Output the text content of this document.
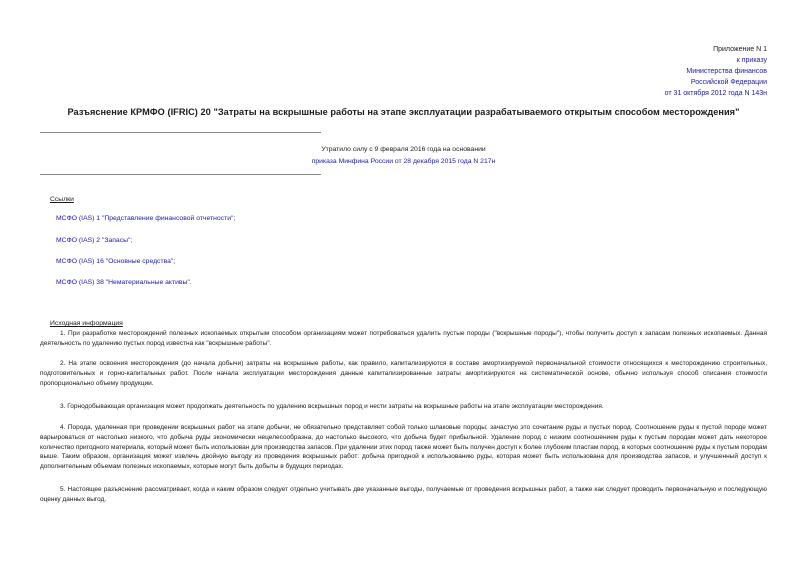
Приложение N 1
к приказу
Министерства финансов
Российской Федерации
от 31 октября 2012 года N 143н
Разъяснение КРМФО (IFRIC) 20 "Затраты на вскрышные работы на этапе эксплуатации разрабатываемого открытым способом месторождения"
Утратило силу с 9 февраля 2016 года на основании
приказа Минфина России от 28 декабря 2015 года N 217н
Ссылки
МСФО (IAS) 1 "Представление финансовой отчетности";
МСФО (IAS) 2 "Запасы";
МСФО (IAS) 16 "Основные средства";
МСФО (IAS) 38 "Нематериальные активы".
Исходная информация

1. При разработке месторождений полезных ископаемых открытым способом организациям может потребоваться удалить пустые породы ("вскрышные породы"), чтобы получить доступ к запасам полезных ископаемых. Данная деятельность по удалению пустых пород известна как "вскрышные работы".

2. На этапе освоения месторождения (до начала добычи) затраты на вскрышные работы, как правило, капитализируются в составе амортизируемой первоначальной стоимости относящихся к месторождению строительных, подготовительных и горно-капитальных работ. После начала эксплуатации месторождения данные капитализированные затраты амортизируются на систематической основе, обычно используя способ списания стоимости пропорционально объему продукции.

3. Горнодобывающая организация может продолжать деятельность по удалению вскрышных пород и нести затраты на вскрышные работы на этапе эксплуатации месторождения.

4. Порода, удаленная при проведении вскрышных работ на этапе добычи, не обязательно представляет собой только шлаковые породы; зачастую это сочетание руды и пустых пород. Соотношение руды к пустой породе может варьироваться от настолько низкого, что добыча руды экономически нецелесообразна, до настолько высокого, что добыча будет прибыльной. Удаление пород с низким соотношением руды к пустым породам может дать некоторое количество пригодного материала, который может быть использован для производства запасов. При удалении этих пород также может быть получен доступ к более глубоким пластам пород, в которых соотношение руды к пустым породам выше. Таким образом, организация может извлечь двойную выгоду из проведения вскрышных работ: добыча пригодной к использованию руды, которая может быть использована для производства запасов, и улучшенный доступ к дополнительным объемам полезных ископаемых, которые могут быть добыты в будущих периодах.

5. Настоящее разъяснение рассматривает, когда и каким образом следует отдельно учитывать две указанные выгоды, получаемые от проведения вскрышных работ, а также как следует проводить первоначальную и последующую оценку данных выгод.
